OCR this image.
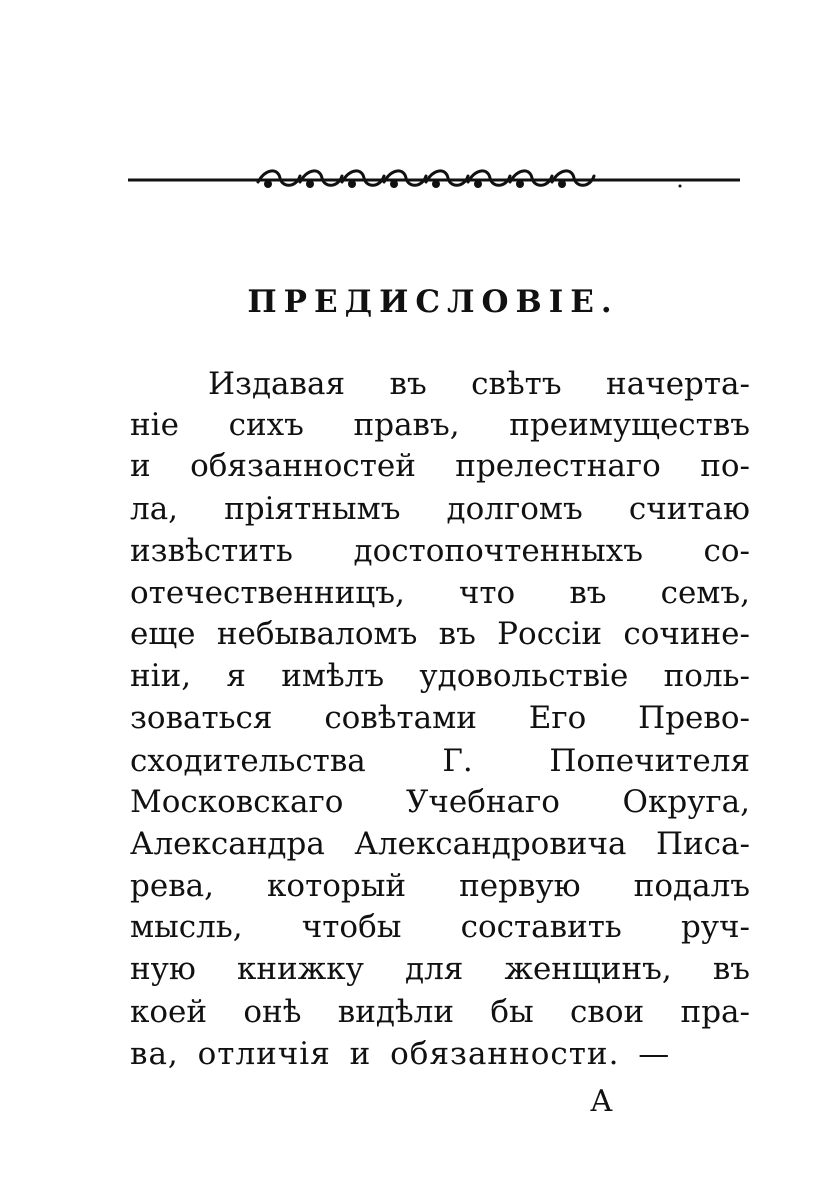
ПРЕДИСЛОВІЕ.
Издавая въ свѣтъ начерта-
ніе сихъ правъ, преимуществъ
и обязанностей прелестнаго по-
ла, пріятнымъ долгомъ считаю
извѣстить достопочтенныхъ со-
отечественницъ, что въ семъ,
еще небываломъ въ Россіи сочине-
ніи, я имѣлъ удовольствіе поль-
зоваться совѣтами Его Прево-
сходительства Г. Попечителя
Московскаго Учебнаго Округа,
Александра Александровича Писа-
рева, который первую подалъ
мысль, чтобы составить руч-
ную книжку для женщинъ, въ
коей онѣ видѣли бы свои пра-
ва, отличія и обязанности. —
А
